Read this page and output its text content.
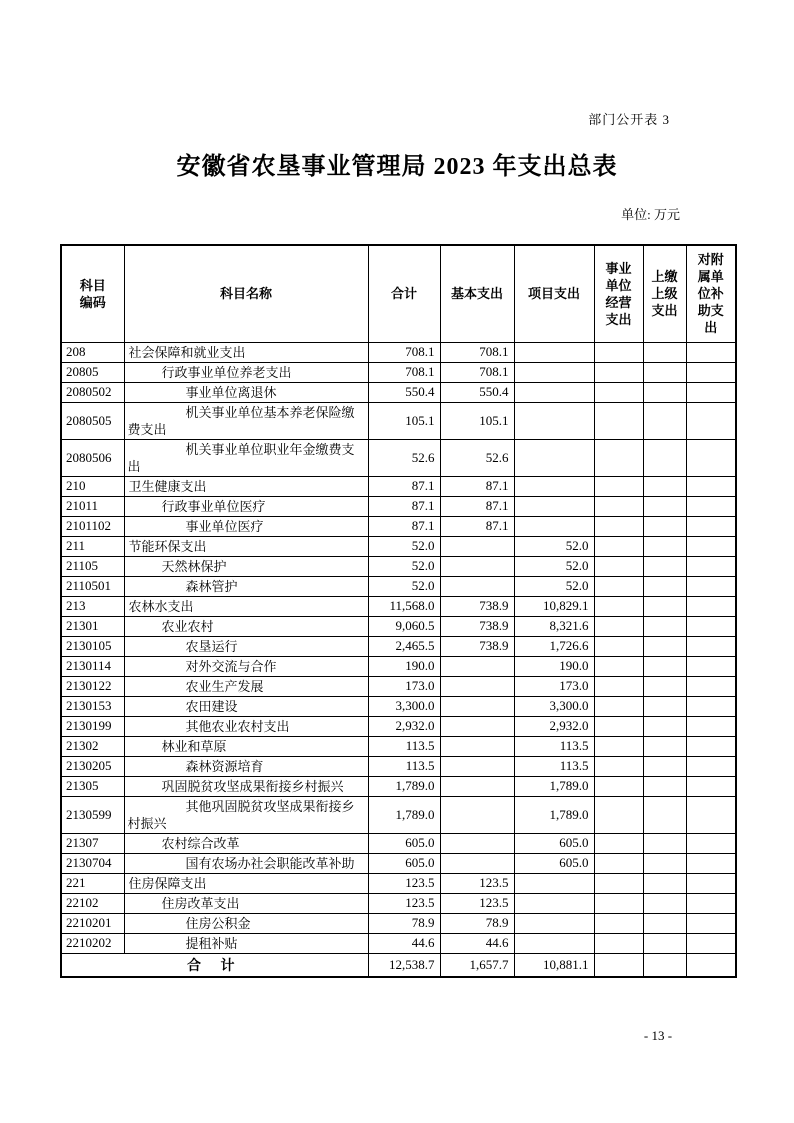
部门公开表 3
安徽省农垦事业管理局 2023 年支出总表
单位: 万元
科目编码	科目名称	合计	基本支出	项目支出	事业单位经营支出	上缴上级支出	对附属单位补助支出
208	社会保障和就业支出	708.1	708.1				
20805	行政事业单位养老支出	708.1	708.1				
2080502	事业单位离退休	550.4	550.4				
2080505	机关事业单位基本养老保险缴费支出	105.1	105.1				
2080506	机关事业单位职业年金缴费支出	52.6	52.6				
210	卫生健康支出	87.1	87.1				
21011	行政事业单位医疗	87.1	87.1				
2101102	事业单位医疗	87.1	87.1				
211	节能环保支出	52.0		52.0			
21105	天然林保护	52.0		52.0			
2110501	森林管护	52.0		52.0			
213	农林水支出	11,568.0	738.9	10,829.1			
21301	农业农村	9,060.5	738.9	8,321.6			
2130105	农垦运行	2,465.5	738.9	1,726.6			
2130114	对外交流与合作	190.0		190.0			
2130122	农业生产发展	173.0		173.0			
2130153	农田建设	3,300.0		3,300.0			
2130199	其他农业农村支出	2,932.0		2,932.0			
21302	林业和草原	113.5		113.5			
2130205	森林资源培育	113.5		113.5			
21305	巩固脱贫攻坚成果衔接乡村振兴	1,789.0		1,789.0			
2130599	其他巩固脱贫攻坚成果衔接乡村振兴	1,789.0		1,789.0			
21307	农村综合改革	605.0		605.0			
2130704	国有农场办社会职能改革补助	605.0		605.0			
221	住房保障支出	123.5	123.5				
22102	住房改革支出	123.5	123.5				
2210201	住房公积金	78.9	78.9				
2210202	提租补贴	44.6	44.6				
合 计		12,538.7	1,657.7	10,881.1			
- 13 -
